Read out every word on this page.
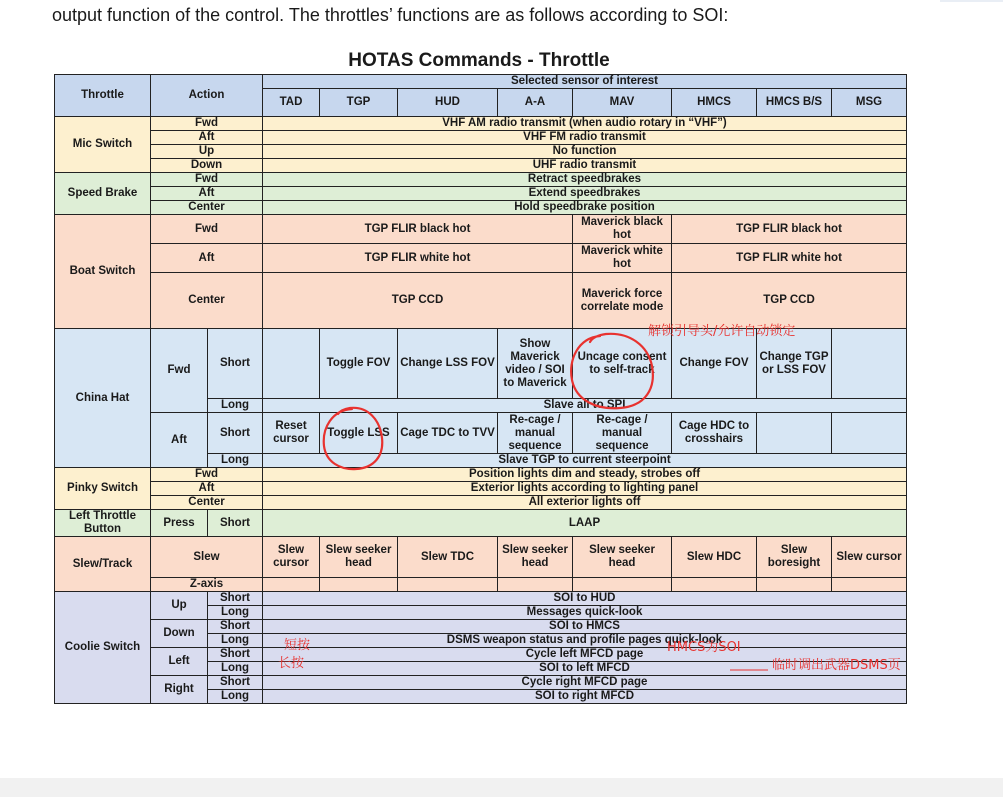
output function of the control. The throttles’ functions are as follows according to SOI:
HOTAS Commands - Throttle
Throttle	Action		Selected sensor of interest							
			TAD	TGP	HUD	A-A	MAV	HMCS	HMCS B/S	MSG
Mic Switch	Fwd		VHF AM radio transmit (when audio rotary in “VHF”)							
	Aft		VHF FM radio transmit							
	Up		No function							
	Down		UHF radio transmit							
Speed Brake	Fwd		Retract speedbrakes							
	Aft		Extend speedbrakes							
	Center		Hold speedbrake position							
Boat Switch	Fwd		TGP FLIR black hot				Maverick black hot	TGP FLIR black hot		
	Aft		TGP FLIR white hot				Maverick white hot	TGP FLIR white hot		
	Center		TGP CCD				Maverick force correlate mode	TGP CCD		
China Hat	Fwd	Short		Toggle FOV	Change LSS FOV	Show Maverick video / SOI to Maverick	Uncage consent to self-track	Change FOV	Change TGP or LSS FOV	
		Long	Slave all to SPI							
	Aft	Short	Reset cursor	Toggle LSS	Cage TDC to TVV	Re-cage / manual sequence	Re-cage / manual sequence	Cage HDC to crosshairs		
		Long	Slave TGP to current steerpoint							
Pinky Switch	Fwd		Position lights dim and steady, strobes off							
	Aft		Exterior lights according to lighting panel							
	Center		All exterior lights off							
Left Throttle Button	Press	Short	LAAP							
Slew/Track	Slew		Slew cursor	Slew seeker head	Slew TDC	Slew seeker head	Slew seeker head	Slew HDC	Slew boresight	Slew cursor
	Z-axis									
Coolie Switch	Up	Short	SOI to HUD							
		Long	Messages quick-look							
	Down	Short	SOI to HMCS							
		Long	DSMS weapon status and profile pages quick-look							
	Left	Short	Cycle left MFCD page							
		Long	SOI to left MFCD							
	Right	Short	Cycle right MFCD page							
		Long	SOI to right MFCD							
解锁引导头/允许自动锁定
短按
长按
HMCS为SOI
临时调出武器DSMS页
